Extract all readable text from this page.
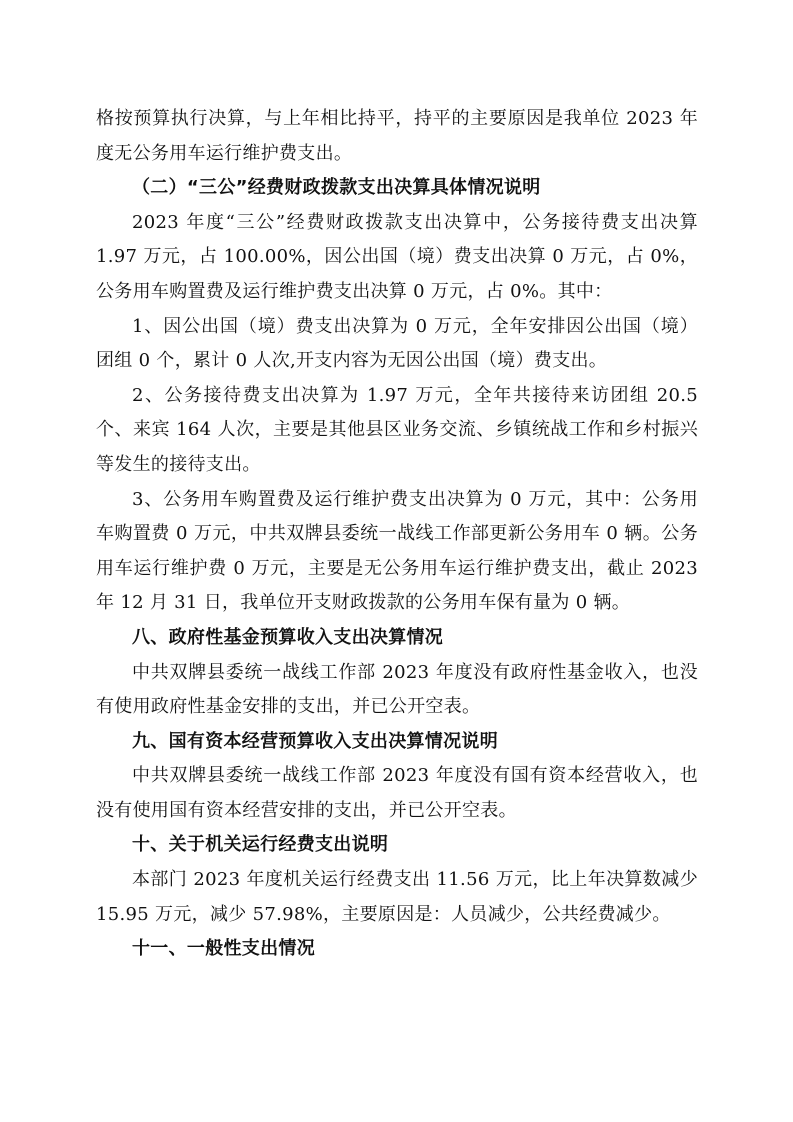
格按预算执行决算，与上年相比持平，持平的主要原因是我单位 2023 年度无公务用车运行维护费支出。

（二）“三公”经费财政拨款支出决算具体情况说明

2023 年度“三公”经费财政拨款支出决算中，公务接待费支出决算 1.97 万元，占 100.00%，因公出国（境）费支出决算 0 万元，占 0%，公务用车购置费及运行维护费支出决算 0 万元，占 0%。其中：

1、因公出国（境）费支出决算为 0 万元，全年安排因公出国（境）团组 0 个，累计 0 人次,开支内容为无因公出国（境）费支出。

2、公务接待费支出决算为 1.97 万元，全年共接待来访团组 20.5 个、来宾 164 人次，主要是其他县区业务交流、乡镇统战工作和乡村振兴等发生的接待支出。

3、公务用车购置费及运行维护费支出决算为 0 万元，其中：公务用车购置费 0 万元，中共双牌县委统一战线工作部更新公务用车 0 辆。公务用车运行维护费 0 万元，主要是无公务用车运行维护费支出，截止 2023 年 12 月 31 日，我单位开支财政拨款的公务用车保有量为 0 辆。

八、政府性基金预算收入支出决算情况

中共双牌县委统一战线工作部 2023 年度没有政府性基金收入，也没有使用政府性基金安排的支出，并已公开空表。

九、国有资本经营预算收入支出决算情况说明

中共双牌县委统一战线工作部 2023 年度没有国有资本经营收入，也没有使用国有资本经营安排的支出，并已公开空表。

十、关于机关运行经费支出说明

本部门 2023 年度机关运行经费支出 11.56 万元，比上年决算数减少 15.95 万元，减少 57.98%，主要原因是：人员减少，公共经费减少。

十一、一般性支出情况
